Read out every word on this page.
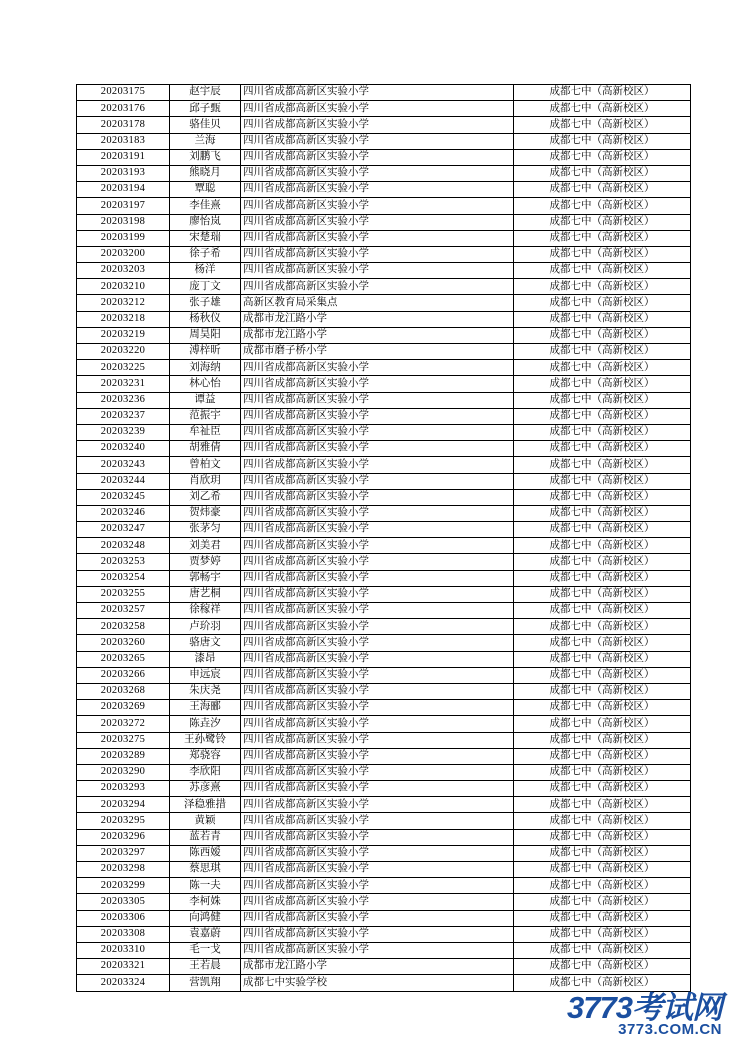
20203175	赵宇辰	四川省成都高新区实验小学	成都七中（高新校区）
20203176	邱子甄	四川省成都高新区实验小学	成都七中（高新校区）
20203178	骆佳贝	四川省成都高新区实验小学	成都七中（高新校区）
20203183	兰海	四川省成都高新区实验小学	成都七中（高新校区）
20203191	刘鹏飞	四川省成都高新区实验小学	成都七中（高新校区）
20203193	熊晓月	四川省成都高新区实验小学	成都七中（高新校区）
20203194	覃聪	四川省成都高新区实验小学	成都七中（高新校区）
20203197	李佳熹	四川省成都高新区实验小学	成都七中（高新校区）
20203198	廖怡岚	四川省成都高新区实验小学	成都七中（高新校区）
20203199	宋楚瑞	四川省成都高新区实验小学	成都七中（高新校区）
20203200	徐子希	四川省成都高新区实验小学	成都七中（高新校区）
20203203	杨洋	四川省成都高新区实验小学	成都七中（高新校区）
20203210	庞丁文	四川省成都高新区实验小学	成都七中（高新校区）
20203212	张子雄	高新区教育局采集点	成都七中（高新校区）
20203218	杨秋仪	成都市龙江路小学	成都七中（高新校区）
20203219	周昊阳	成都市龙江路小学	成都七中（高新校区）
20203220	溥梓昕	成都市磨子桥小学	成都七中（高新校区）
20203225	刘海纳	四川省成都高新区实验小学	成都七中（高新校区）
20203231	林心怡	四川省成都高新区实验小学	成都七中（高新校区）
20203236	谭益	四川省成都高新区实验小学	成都七中（高新校区）
20203237	范振宇	四川省成都高新区实验小学	成都七中（高新校区）
20203239	牟祉臣	四川省成都高新区实验小学	成都七中（高新校区）
20203240	胡雅倩	四川省成都高新区实验小学	成都七中（高新校区）
20203243	曾柏文	四川省成都高新区实验小学	成都七中（高新校区）
20203244	肖欣玥	四川省成都高新区实验小学	成都七中（高新校区）
20203245	刘乙希	四川省成都高新区实验小学	成都七中（高新校区）
20203246	贺炜豪	四川省成都高新区实验小学	成都七中（高新校区）
20203247	张茅匀	四川省成都高新区实验小学	成都七中（高新校区）
20203248	刘美君	四川省成都高新区实验小学	成都七中（高新校区）
20203253	贾梦婷	四川省成都高新区实验小学	成都七中（高新校区）
20203254	郭畅宇	四川省成都高新区实验小学	成都七中（高新校区）
20203255	唐艺桐	四川省成都高新区实验小学	成都七中（高新校区）
20203257	徐稼祥	四川省成都高新区实验小学	成都七中（高新校区）
20203258	卢玠羽	四川省成都高新区实验小学	成都七中（高新校区）
20203260	骆唐文	四川省成都高新区实验小学	成都七中（高新校区）
20203265	漆昂	四川省成都高新区实验小学	成都七中（高新校区）
20203266	申远宸	四川省成都高新区实验小学	成都七中（高新校区）
20203268	朱庆尧	四川省成都高新区实验小学	成都七中（高新校区）
20203269	王海郦	四川省成都高新区实验小学	成都七中（高新校区）
20203272	陈垚汐	四川省成都高新区实验小学	成都七中（高新校区）
20203275	王孙鹭铃	四川省成都高新区实验小学	成都七中（高新校区）
20203289	郑骁容	四川省成都高新区实验小学	成都七中（高新校区）
20203290	李欣阳	四川省成都高新区实验小学	成都七中（高新校区）
20203293	苏彦熹	四川省成都高新区实验小学	成都七中（高新校区）
20203294	泽稳雅措	四川省成都高新区实验小学	成都七中（高新校区）
20203295	黄颖	四川省成都高新区实验小学	成都七中（高新校区）
20203296	蓝若青	四川省成都高新区实验小学	成都七中（高新校区）
20203297	陈西嫒	四川省成都高新区实验小学	成都七中（高新校区）
20203298	蔡思琪	四川省成都高新区实验小学	成都七中（高新校区）
20203299	陈一夫	四川省成都高新区实验小学	成都七中（高新校区）
20203305	李柯姝	四川省成都高新区实验小学	成都七中（高新校区）
20203306	向鸿健	四川省成都高新区实验小学	成都七中（高新校区）
20203308	袁嘉蔚	四川省成都高新区实验小学	成都七中（高新校区）
20203310	毛一戈	四川省成都高新区实验小学	成都七中（高新校区）
20203321	王若晨	成都市龙江路小学	成都七中（高新校区）
20203324	营凯翔	成都七中实验学校	成都七中（高新校区）
3773考试网
3773.COM.CN
